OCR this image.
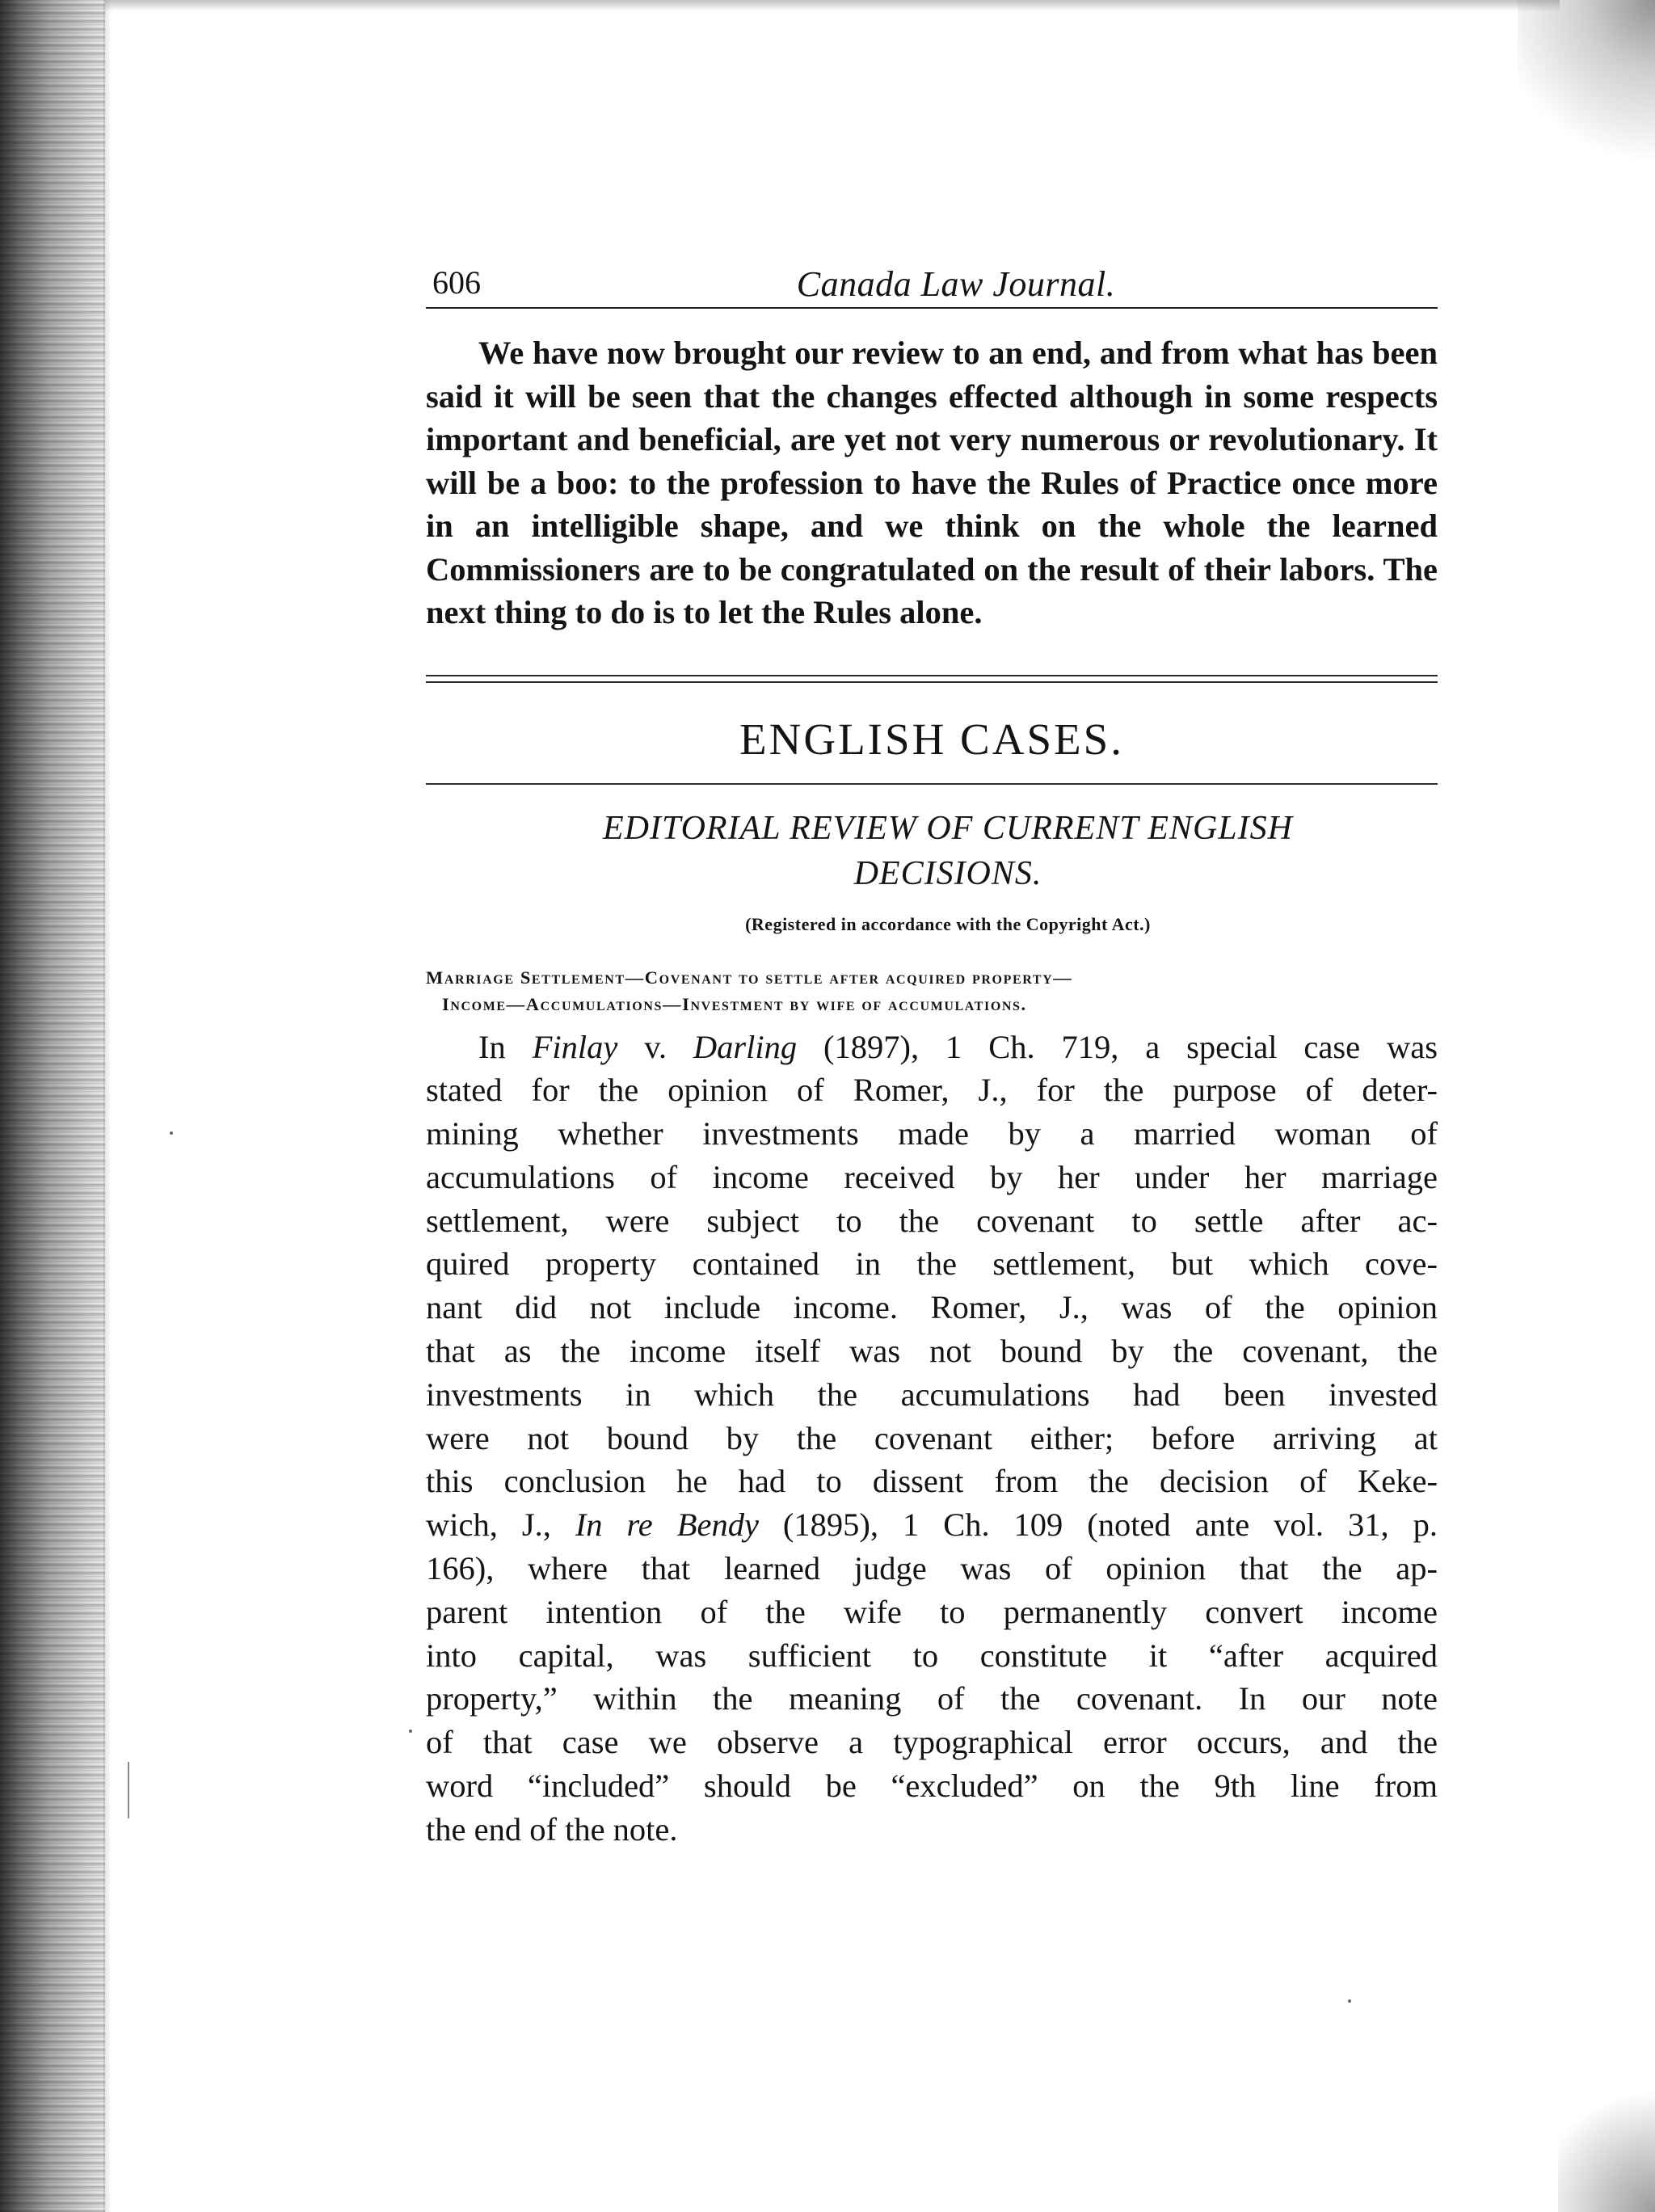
606	Canada Law Journal.

We have now brought our review to an end, and from what has been said it will be seen that the changes effected although in some respects important and beneficial, are yet not very numerous or revolutionary. It will be a boo: to the profession to have the Rules of Practice once more in an intelligible shape, and we think on the whole the learned Commissioners are to be congratulated on the result of their labors. The next thing to do is to let the Rules alone.

ENGLISH CASES.
EDITORIAL REVIEW OF CURRENT ENGLISH
DECISIONS.
(Registered in accordance with the Copyright Act.)
Marriage Settlement—Covenant to settle after acquired property—
Income—Accumulations—Investment by wife of accumulations.
In Finlay v. Darling (1897), 1 Ch. 719, a special case was
stated for the opinion of Romer, J., for the purpose of deter-
mining whether investments made by a married woman of
accumulations of income received by her under her marriage
settlement, were subject to the covenant to settle after ac-
quired property contained in the settlement, but which cove-
nant did not include income. Romer, J., was of the opinion
that as the income itself was not bound by the covenant, the
investments in which the accumulations had been invested
were not bound by the covenant either; before arriving at
this conclusion he had to dissent from the decision of Keke-
wich, J., In re Bendy (1895), 1 Ch. 109 (noted ante vol. 31, p.
166), where that learned judge was of opinion that the ap-
parent intention of the wife to permanently convert income
into capital, was sufficient to constitute it “after acquired
property,” within the meaning of the covenant. In our note
of that case we observe a typographical error occurs, and the
word “included” should be “excluded” on the 9th line from
the end of the note.
